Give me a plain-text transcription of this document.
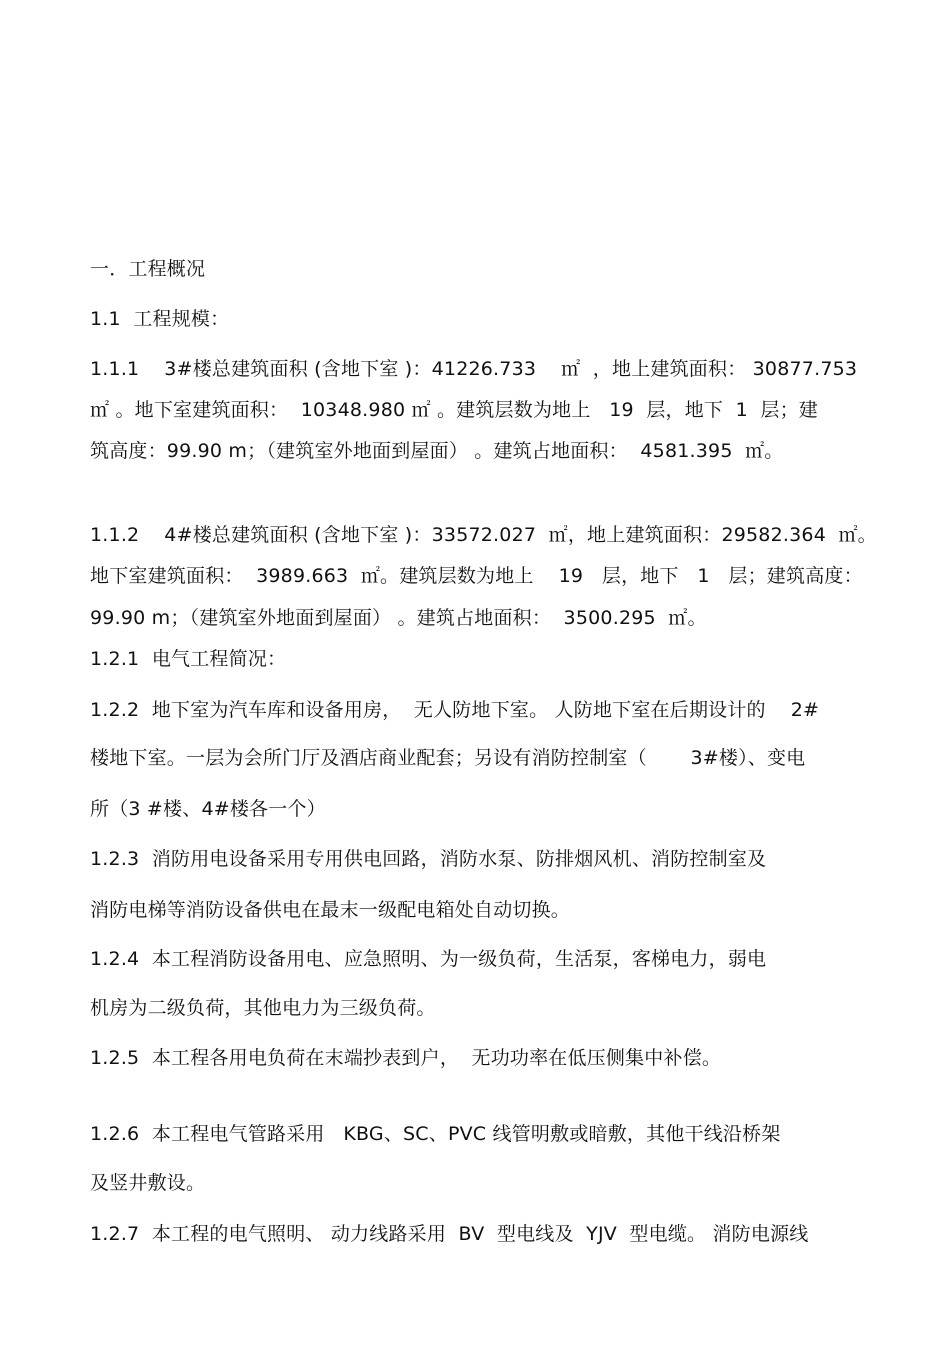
一．工程概况

1.1  工程规模：

1.1.1    3#楼总建筑面积 (含地下室 )：41226.733    ㎡  ，地上建筑面积： 30877.753

㎡ 。地下室建筑面积：  10348.980 ㎡ 。建筑层数为地上   19  层，地下  1  层；建

筑高度：99.90 m；（建筑室外地面到屋面） 。建筑占地面积：  4581.395  ㎡。

1.1.2    4#楼总建筑面积 (含地下室 )：33572.027  ㎡，地上建筑面积：29582.364  ㎡。

地下室建筑面积：  3989.663  ㎡。建筑层数为地上    19   层，地下   1   层；建筑高度：

99.90 m；（建筑室外地面到屋面） 。建筑占地面积：  3500.295  ㎡。

1.2.1  电气工程简况：

1.2.2  地下室为汽车库和设备用房，  无人防地下室。 人防地下室在后期设计的    2#

楼地下室。一层为会所门厅及酒店商业配套；另设有消防控制室（       3#楼）、变电

所（3 #楼、4#楼各一个）

1.2.3  消防用电设备采用专用供电回路，消防水泵、防排烟风机、消防控制室及

消防电梯等消防设备供电在最末一级配电箱处自动切换。

1.2.4  本工程消防设备用电、应急照明、为一级负荷，生活泵，客梯电力，弱电

机房为二级负荷，其他电力为三级负荷。

1.2.5  本工程各用电负荷在末端抄表到户，  无功功率在低压侧集中补偿。

1.2.6  本工程电气管路采用   KBG、SC、PVC 线管明敷或暗敷，其他干线沿桥架

及竖井敷设。

1.2.7  本工程的电气照明、 动力线路采用  BV  型电线及  YJV  型电缆。 消防电源线
